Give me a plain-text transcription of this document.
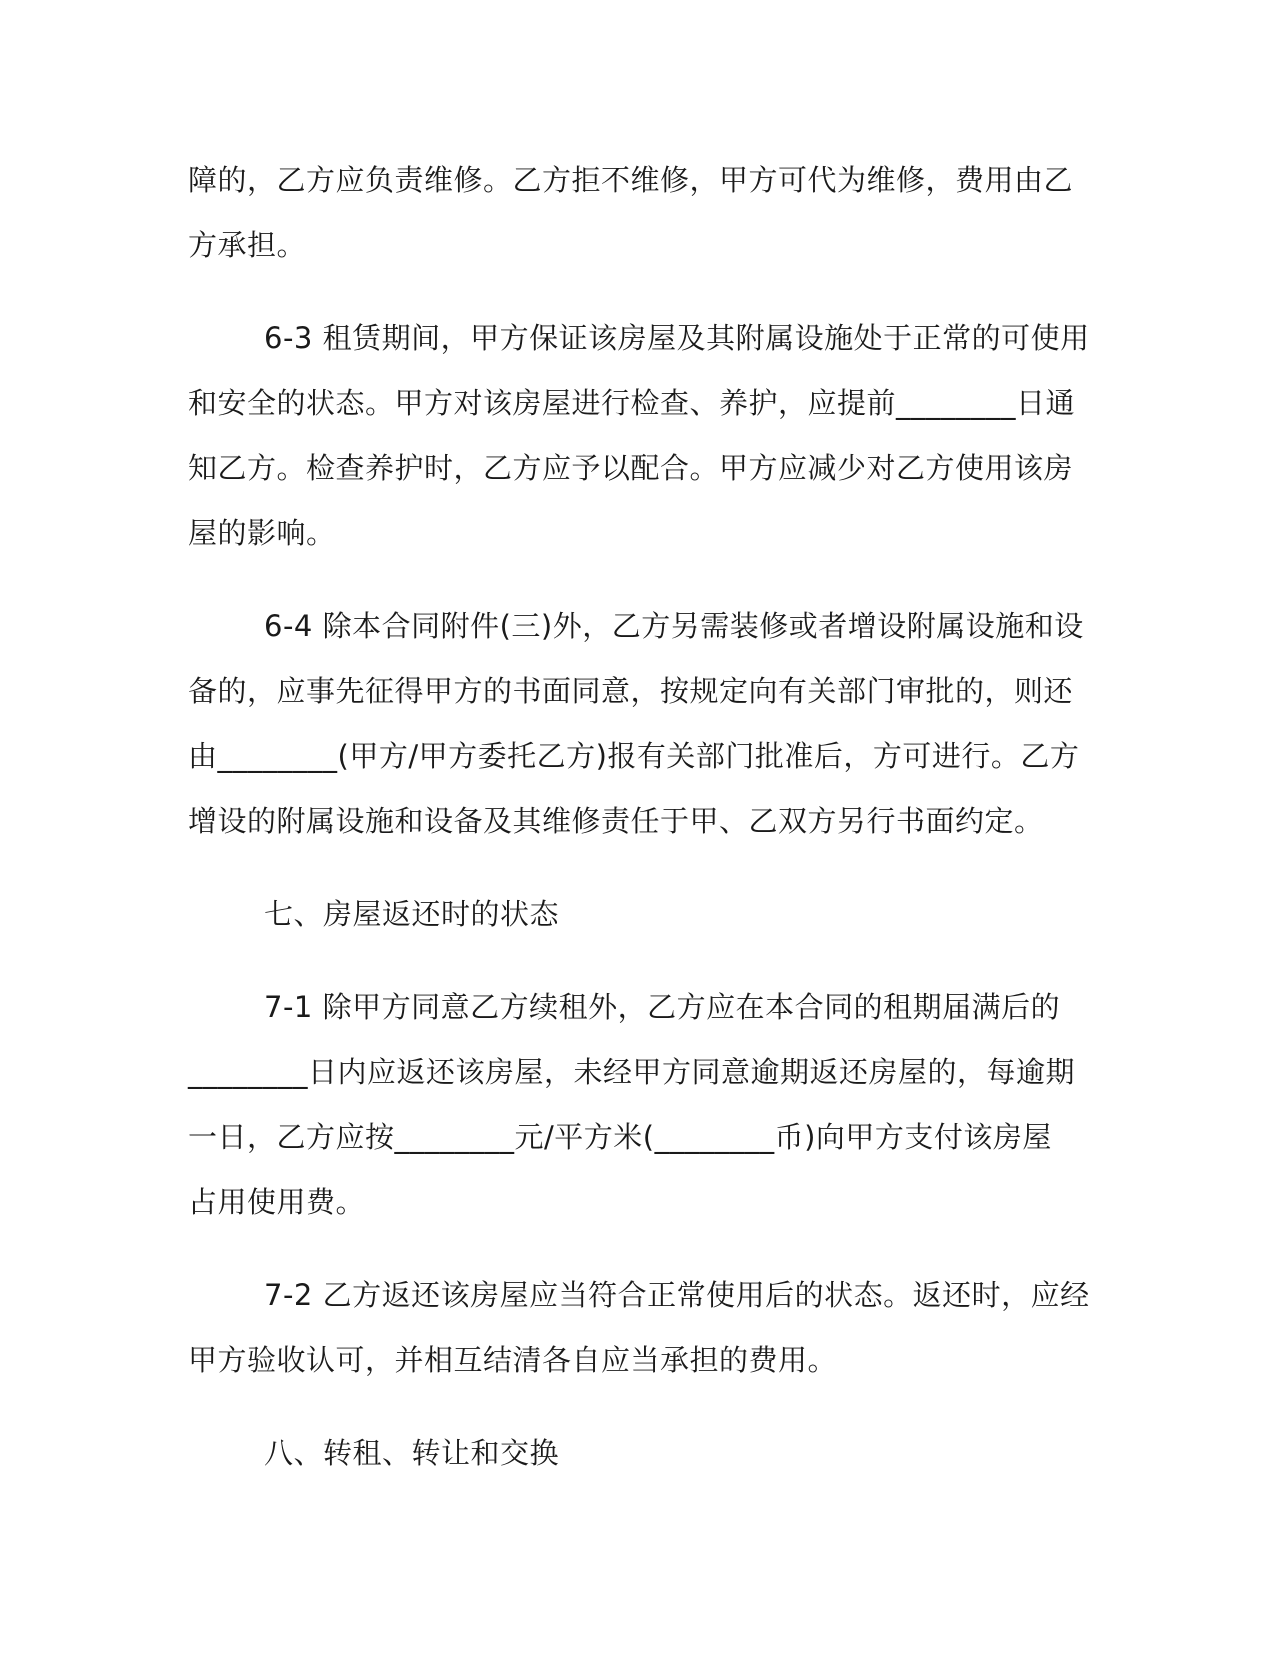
障的，乙方应负责维修。乙方拒不维修，甲方可代为维修，费用由乙
方承担。
6-3 租赁期间，甲方保证该房屋及其附属设施处于正常的可使用
和安全的状态。甲方对该房屋进行检查、养护，应提前________日通
知乙方。检查养护时，乙方应予以配合。甲方应减少对乙方使用该房
屋的影响。
6-4 除本合同附件(三)外，乙方另需装修或者增设附属设施和设
备的，应事先征得甲方的书面同意，按规定向有关部门审批的，则还
由________(甲方/甲方委托乙方)报有关部门批准后，方可进行。乙方
增设的附属设施和设备及其维修责任于甲、乙双方另行书面约定。
七、房屋返还时的状态
7-1 除甲方同意乙方续租外，乙方应在本合同的租期届满后的
________日内应返还该房屋，未经甲方同意逾期返还房屋的，每逾期
一日，乙方应按________元/平方米(________币)向甲方支付该房屋
占用使用费。
7-2 乙方返还该房屋应当符合正常使用后的状态。返还时，应经
甲方验收认可，并相互结清各自应当承担的费用。
八、转租、转让和交换
